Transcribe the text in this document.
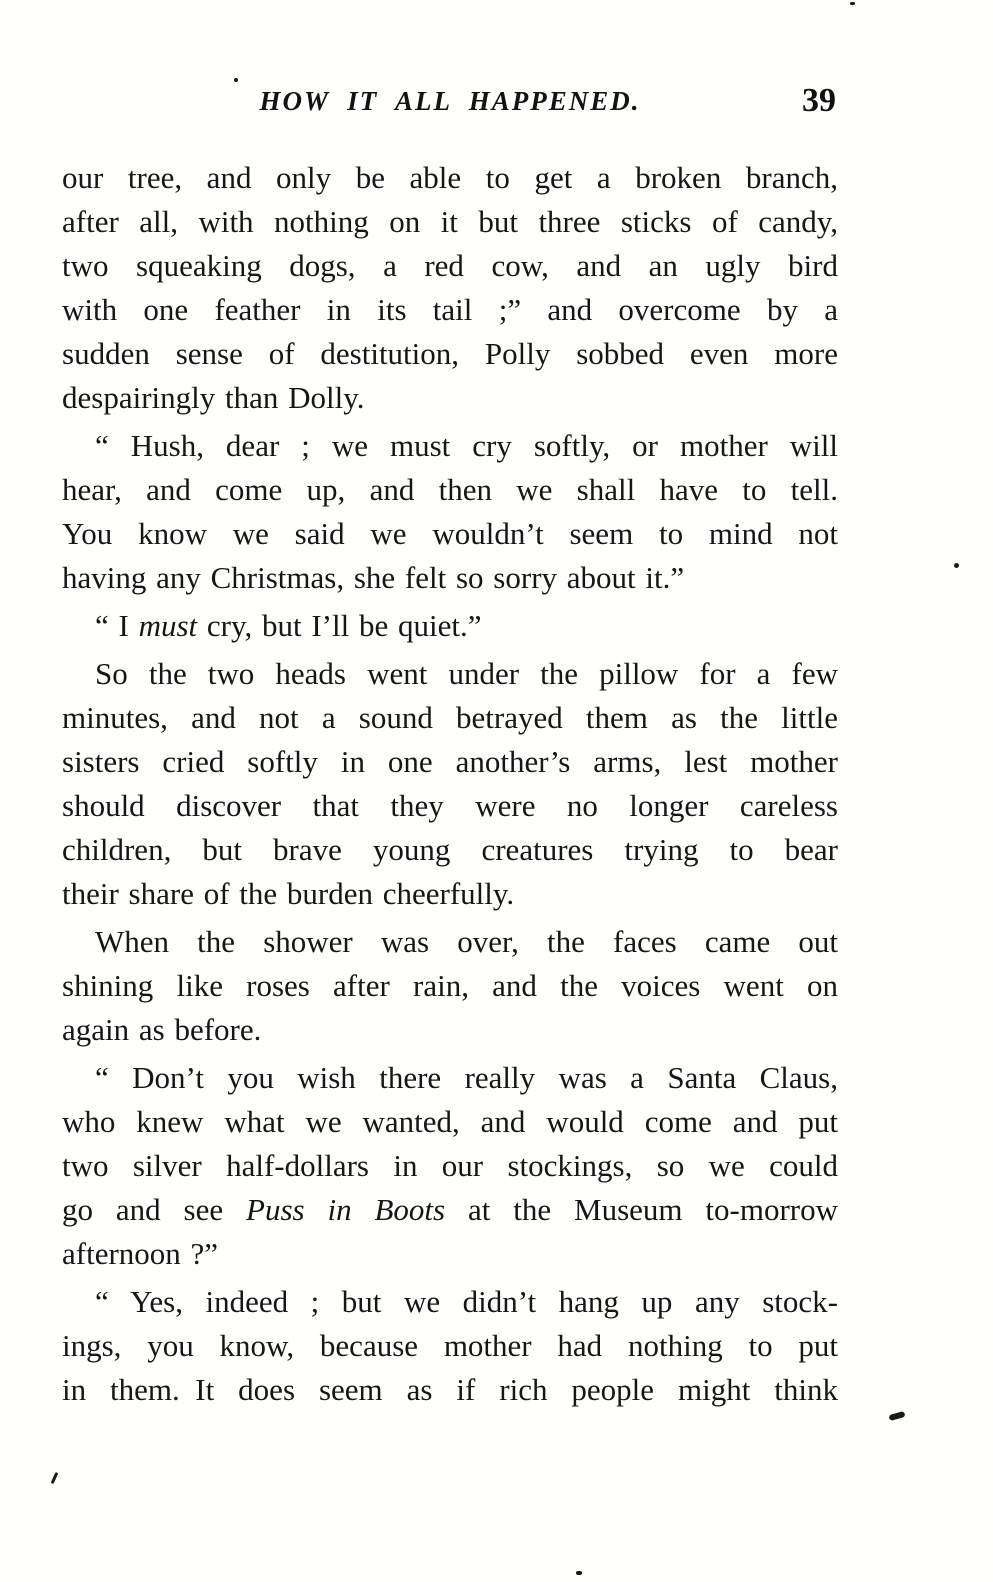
HOW IT ALL HAPPENED.	39
our tree, and only be able to get a broken branch,
after all, with nothing on it but three sticks of candy,
two squeaking dogs, a red cow, and an ugly bird
with one feather in its tail ;” and overcome by a
sudden sense of destitution, Polly sobbed even more
despairingly than Dolly.
“ Hush, dear ; we must cry softly, or mother will
hear, and come up, and then we shall have to tell.
You know we said we wouldn’t seem to mind not
having any Christmas, she felt so sorry about it.”
“ I must cry, but I’ll be quiet.”
So the two heads went under the pillow for a few
minutes, and not a sound betrayed them as the little
sisters cried softly in one another’s arms, lest mother
should discover that they were no longer careless
children, but brave young creatures trying to bear
their share of the burden cheerfully.
When the shower was over, the faces came out
shining like roses after rain, and the voices went on
again as before.
“ Don’t you wish there really was a Santa Claus,
who knew what we wanted, and would come and put
two silver half-dollars in our stockings, so we could
go and see Puss in Boots at the Museum to-morrow
afternoon ?”
“ Yes, indeed ; but we didn’t hang up any stock-
ings, you know, because mother had nothing to put
in them. It does seem as if rich people might think
